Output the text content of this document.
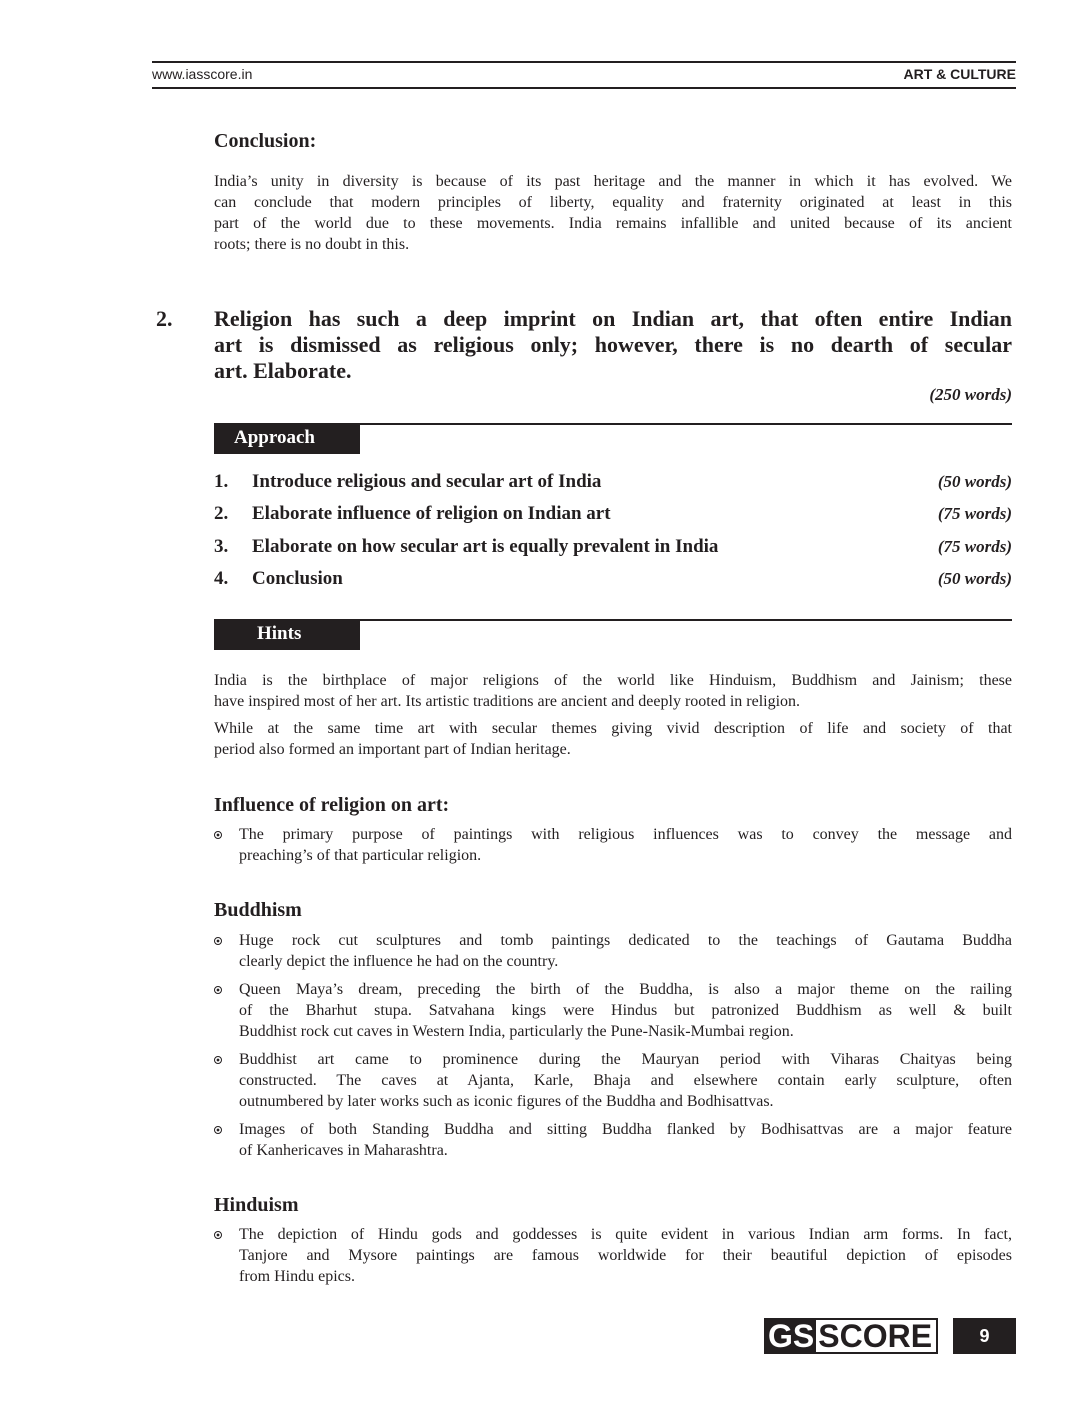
www.iasscore.in	ART & CULTURE
Conclusion:
India’s unity in diversity is because of its past heritage and the manner in which it has evolved. We
can conclude that modern principles of liberty, equality and fraternity originated at least in this
part of the world due to these movements. India remains infallible and united because of its ancient
roots; there is no doubt in this.
2. Religion has such a deep imprint on Indian art, that often entire Indian
art is dismissed as religious only; however, there is no dearth of secular
art. Elaborate.
(250 words)
Approach
1. Introduce religious and secular art of India	(50 words)
2. Elaborate influence of religion on Indian art	(75 words)
3. Elaborate on how secular art is equally prevalent in India	(75 words)
4. Conclusion	(50 words)
Hints
India is the birthplace of major religions of the world like Hinduism, Buddhism and Jainism; these
have inspired most of her art. Its artistic traditions are ancient and deeply rooted in religion.
While at the same time art with secular themes giving vivid description of life and society of that
period also formed an important part of Indian heritage.
Influence of religion on art:
The primary purpose of paintings with religious influences was to convey the message and
preaching’s of that particular religion.
Buddhism
Huge rock cut sculptures and tomb paintings dedicated to the teachings of Gautama Buddha
clearly depict the influence he had on the country.
Queen Maya’s dream, preceding the birth of the Buddha, is also a major theme on the railing
of the Bharhut stupa. Satvahana kings were Hindus but patronized Buddhism as well & built
Buddhist rock cut caves in Western India, particularly the Pune-Nasik-Mumbai region.
Buddhist art came to prominence during the Mauryan period with Viharas Chaityas being
constructed. The caves at Ajanta, Karle, Bhaja and elsewhere contain early sculpture, often
outnumbered by later works such as iconic figures of the Buddha and Bodhisattvas.
Images of both Standing Buddha and sitting Buddha flanked by Bodhisattvas are a major feature
of Kanhericaves in Maharashtra.
Hinduism
The depiction of Hindu gods and goddesses is quite evident in various Indian arm forms. In fact,
Tanjore and Mysore paintings are famous worldwide for their beautiful depiction of episodes
from Hindu epics.
GS SCORE	9
